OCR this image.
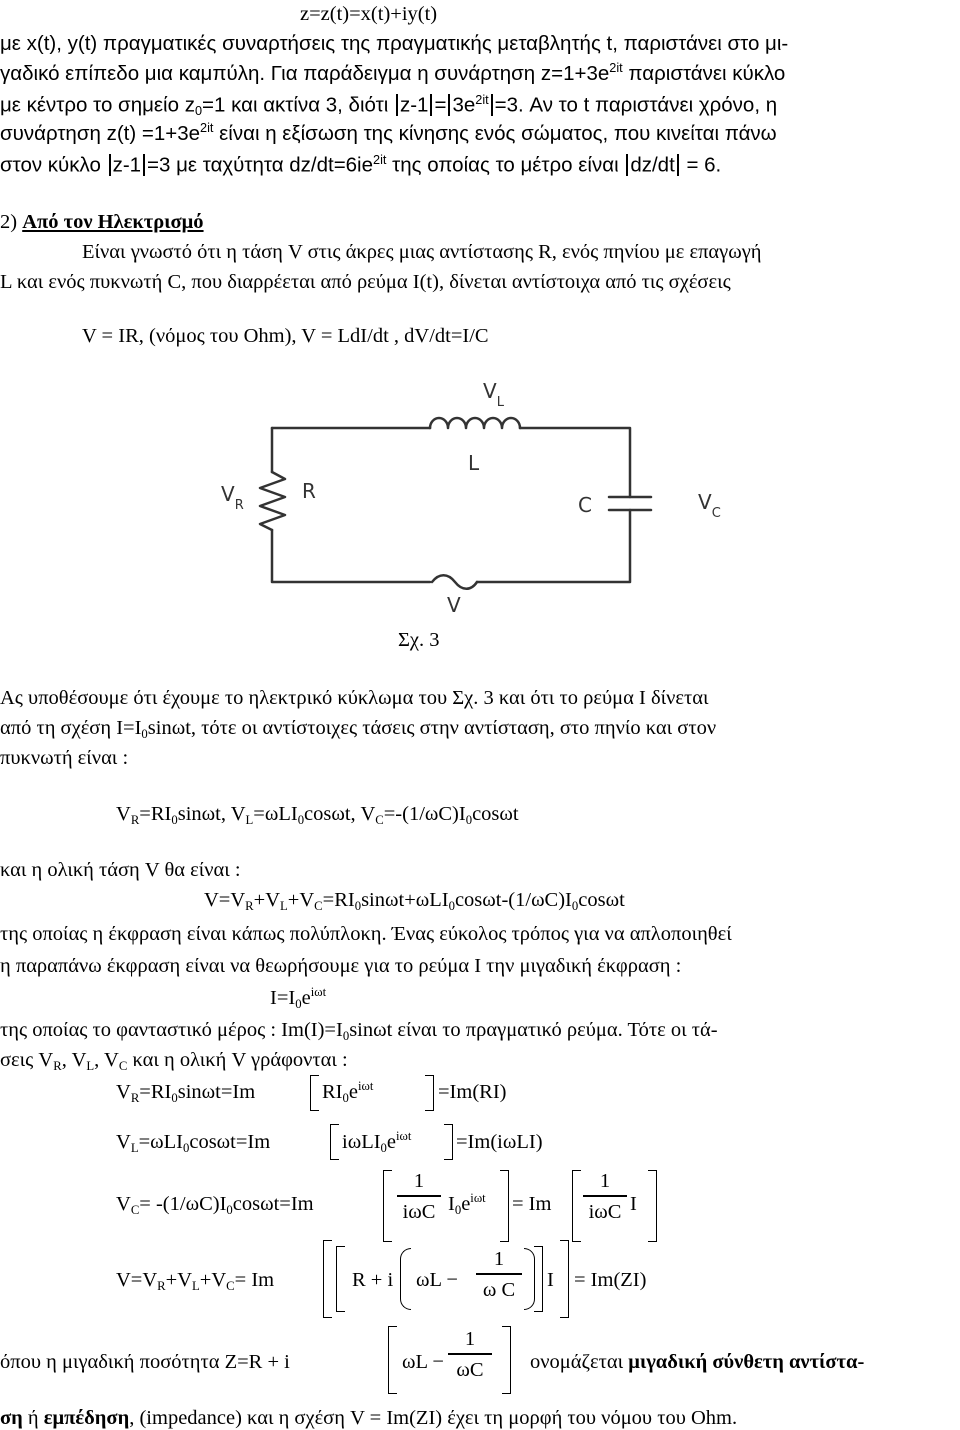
z=z(t)=x(t)+iy(t)
με x(t), y(t) πραγματικές συναρτήσεις της πραγματικής μεταβλητής t, παριστάνει στο μι-
γαδικό επίπεδο μια καμπύλη. Για παράδειγμα η συνάρτηση $z=1+3e^{2it}$ παριστάνει κύκλο
με κέντρο το σημείο z0=1 και ακτίνα 3, διότι $z-1 = 3e^{2it} =3$. Αν το t παριστάνει χρόνο, η
συνάρτηση $z(t) =1+3e^{2it}$ είναι η εξίσωση της κίνησης ενός σώματος, που κινείται πάνω
στον κύκλο z-1 =3 με ταχύτητα $dz/dt=6ie^{2it}$ της οποίας το μέτρο είναι dz/dt = 6.
2) Από τον Ηλεκτρισμό
Είναι γνωστό ότι η τάση V στις άκρες μιας αντίστασης R, ενός πηνίου με επαγωγή
L και ενός πυκνωτή C, που διαρρέεται από ρεύμα I(t), δίνεται αντίστοιχα από τις σχέσεις
V = IR, (νόμος του Ohm), V = LdI/dt , dV/dt=I/C
$V_L$
L
$V_R$
R
C	$V_C$
V
Σχ. 3
Ας υποθέσουμε ότι έχουμε το ηλεκτρικό κύκλωμα του Σχ. 3 και ότι το ρεύμα I δίνεται
από τη σχέση I=I0sinωt, τότε οι αντίστοιχες τάσεις στην αντίσταση, στο πηνίο και στον
πυκνωτή είναι :
VR=RI0sinωt, VL=ωLI0cosωt, VC=-(1/ωC)I0cosωt
και η ολική τάση V θα είναι :
V=VR+VL+VC=RI0sinωt+ωLI0cosωt-(1/ωC)I0cosωt
της οποίας η έκφραση είναι κάπως πολύπλοκη. Ένας εύκολος τρόπος για να απλοποιηθεί
η παραπάνω έκφραση είναι να θεωρήσουμε για το ρεύμα I την μιγαδική έκφραση :
$I=I0e^{i\omega t}$
της οποίας το φανταστικό μέρος : Im(I)=I0sinωt είναι το πραγματικό ρεύμα. Τότε οι τά-
σεις VR, VL, VC και η ολική V γράφονται :
VR=RI0sinωt=Im	$RI0e^{i\omega t}$	=Im(RI)
VL=ωLI0cosωt=Im	$i\omega LI0e^{i\omega t} =Im(i\omega LI)$
VC= -(1/ωC)I0cosωt=Im
1
iωC $I0e^{i\omega t} = Im$
1
iωC I
V=VR+VL+VC= Im	R + i ωL −
1
ω C	I = Im(ZI)
όπου η μιγαδική ποσότητα Z=R + i	ωL −
1
ωC	ονομάζεται μιγαδική σύνθετη αντίστα-
ση ή εμπέδηση, (impedance) και η σχέση V = Im(ZI) έχει τη μορφή του νόμου του Ohm.
